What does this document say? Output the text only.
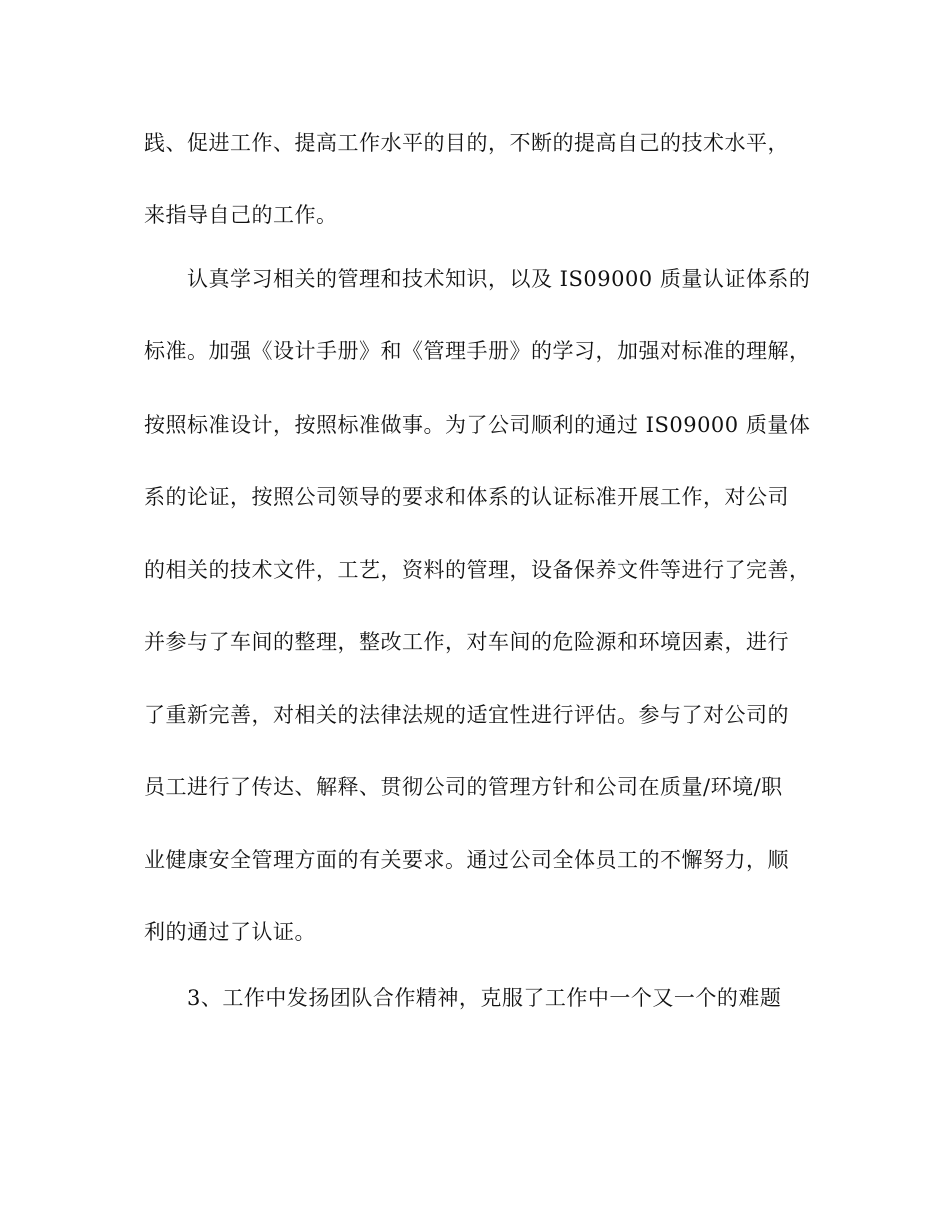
践、促进工作、提高工作水平的目的，不断的提高自己的技术水平，
来指导自己的工作。
认真学习相关的管理和技术知识，以及 IS09000 质量认证体系的
标准。加强《设计手册》和《管理手册》的学习，加强对标准的理解，
按照标准设计，按照标准做事。为了公司顺利的通过 IS09000 质量体
系的论证，按照公司领导的要求和体系的认证标准开展工作，对公司
的相关的技术文件，工艺，资料的管理，设备保养文件等进行了完善，
并参与了车间的整理，整改工作，对车间的危险源和环境因素，进行
了重新完善，对相关的法律法规的适宜性进行评估。参与了对公司的
员工进行了传达、解释、贯彻公司的管理方针和公司在质量/环境/职
业健康安全管理方面的有关要求。通过公司全体员工的不懈努力，顺
利的通过了认证。
3、工作中发扬团队合作精神，克服了工作中一个又一个的难题
